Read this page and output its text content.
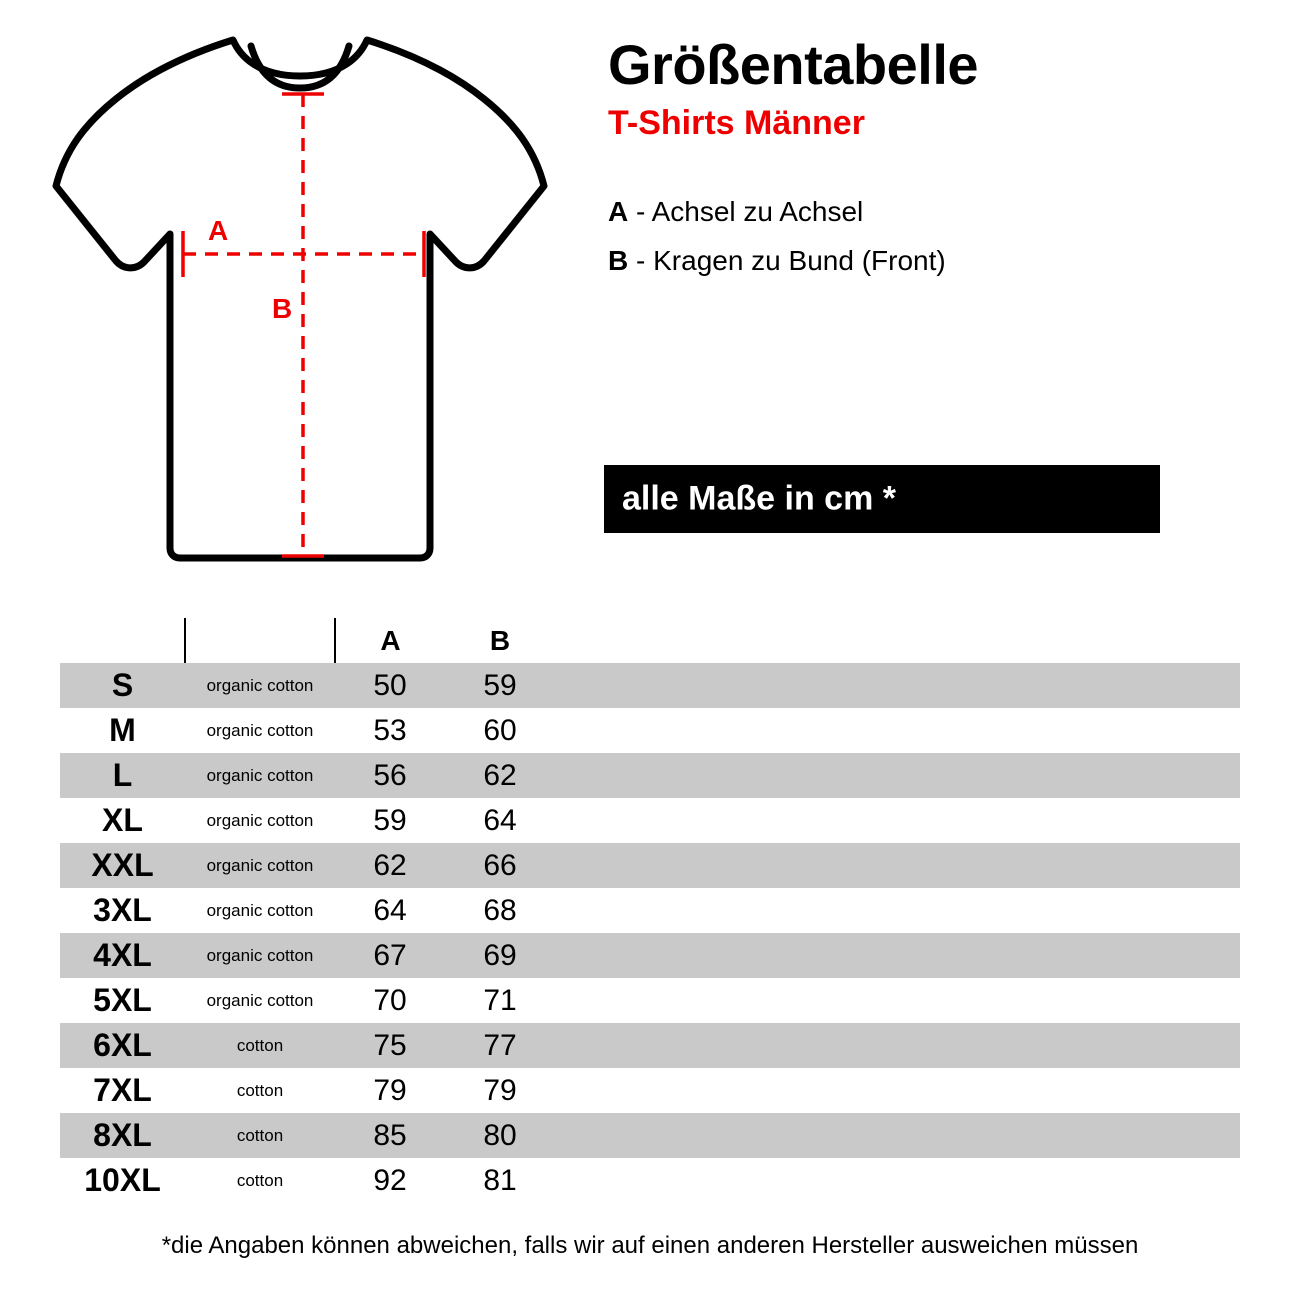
A
B
Größentabelle
T-Shirts Männer
A - Achsel zu Achsel
B - Kragen zu Bund (Front)
alle Maße in cm *
		A	B	
S	organic cotton	50	59	
M	organic cotton	53	60	
L	organic cotton	56	62	
XL	organic cotton	59	64	
XXL	organic cotton	62	66	
3XL	organic cotton	64	68	
4XL	organic cotton	67	69	
5XL	organic cotton	70	71	
6XL	cotton	75	77	
7XL	cotton	79	79	
8XL	cotton	85	80	
10XL	cotton	92	81	
*die Angaben können abweichen, falls wir auf einen anderen Hersteller ausweichen müssen
